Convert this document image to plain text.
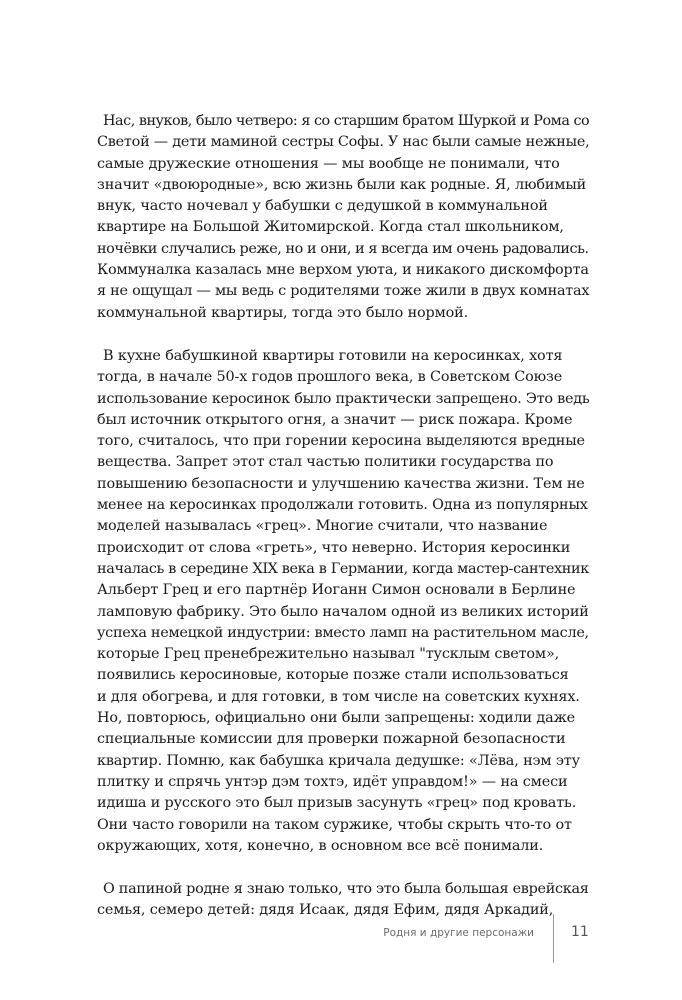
Нас, внуков, было четверо: я со старшим братом Шуркой и Рома со
Светой — дети маминой сестры Софы. У нас были самые нежные,
самые дружеские отношения — мы вообще не понимали, что
значит «двоюродные», всю жизнь были как родные. Я, любимый
внук, часто ночевал у бабушки с дедушкой в коммунальной
квартире на Большой Житомирской. Когда стал школьником,
ночёвки случались реже, но и они, и я всегда им очень радовались.
Коммуналка казалась мне верхом уюта, и никакого дискомфорта
я не ощущал — мы ведь с родителями тоже жили в двух комнатах
коммунальной квартиры, тогда это было нормой.

В кухне бабушкиной квартиры готовили на керосинках, хотя
тогда, в начале 50-х годов прошлого века, в Советском Союзе
использование керосинок было практически запрещено. Это ведь
был источник открытого огня, а значит — риск пожара. Кроме
того, считалось, что при горении керосина выделяются вредные
вещества. Запрет этот стал частью политики государства по
повышению безопасности и улучшению качества жизни. Тем не
менее на керосинках продолжали готовить. Одна из популярных
моделей называлась «грец». Многие считали, что название
происходит от слова «греть», что неверно. История керосинки
началась в середине XIX века в Германии, когда мастер-сантехник
Альберт Грец и его партнёр Иоганн Симон основали в Берлине
ламповую фабрику. Это было началом одной из великих историй
успеха немецкой индустрии: вместо ламп на растительном масле,
которые Грец пренебрежительно называл "тусклым светом»,
появились керосиновые, которые позже стали использоваться
и для обогрева, и для готовки, в том числе на советских кухнях.
Но, повторюсь, официально они были запрещены: ходили даже
специальные комиссии для проверки пожарной безопасности
квартир. Помню, как бабушка кричала дедушке: «Лёва, нэм эту
плитку и спрячь унтэр дэм тохтэ, идёт управдом!» — на смеси
идиша и русского это был призыв засунуть «грец» под кровать.
Они часто говорили на таком суржике, чтобы скрыть что-то от
окружающих, хотя, конечно, в основном все всё понимали.

О папиной родне я знаю только, что это была большая еврейская
семья, семеро детей: дядя Исаак, дядя Ефим, дядя Аркадий,

Родня и другие персонажи	11
